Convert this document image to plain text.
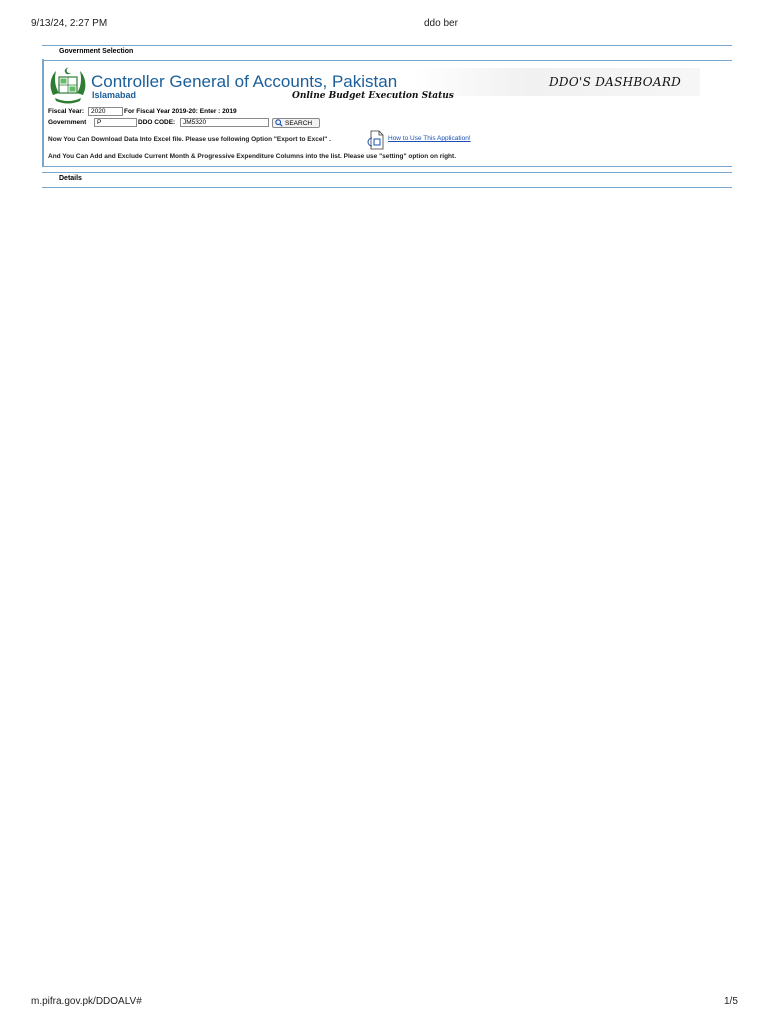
9/13/24, 2:27 PM	ddo ber
Government Selection
Controller General of Accounts, Pakistan
Islamabad	Online Budget Execution Status
DDO'S DASHBOARD
Fiscal Year:
2020	For Fiscal Year 2019-20: Enter : 2019
Government
P	DDO CODE:
JM5320	SEARCH
Now You Can Download Data Into Excel file. Please use following Option "Export to Excel" .	How to Use This Application!
And You Can Add and Exclude Current Month & Progressive Expenditure Columns into the list. Please use "setting" option on right.
Details
m.pifra.gov.pk/DDOALV#	1/5
